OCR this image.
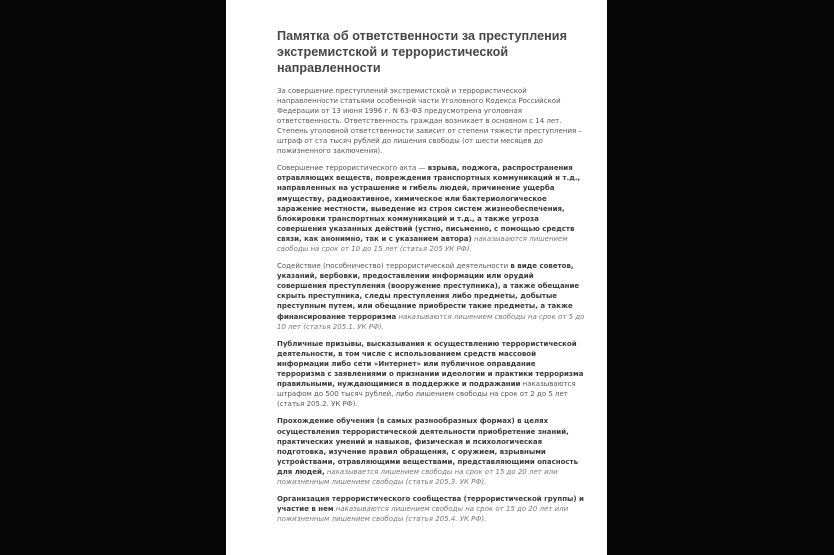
Памятка об ответственности за преступления экстремистской и террористической направленности

За совершение преступлений экстремистской и террористической направленности статьями особенной части Уголовного Кодекса Российской Федерации от 13 июня 1996 г. N 63-ФЗ предусмотрена уголовная ответственность. Ответственность граждан возникает в основном с 14 лет. Степень уголовной ответственности зависит от степени тяжести преступления – штраф от ста тысяч рублей до лишения свободы (от шести месяцев до пожизненного заключения).

Совершение террористического акта — взрыва, поджога, распространения отравляющих веществ, повреждения транспортных коммуникаций и т.д., направленных на устрашение и гибель людей, причинение ущерба имуществу, радиоактивное, химическое или бактериологическое заражение местности, выведение из строя систем жизнеобеспечения, блокировки транспортных коммуникаций и т.д., а также угроза совершения указанных действий (устно, письменно, с помощью средств связи, как анонимно, так и с указанием автора) наказываются лишением свободы на срок от 10 до 15 лет (статья 205 УК РФ).

Содействие (пособничество) террористической деятельности в виде советов, указаний, вербовки, предоставлении информации или орудий совершения преступления (вооружение преступника), а также обещание скрыть преступника, следы преступления либо предметы, добытые преступным путем, или обещание приобрести такие предметы, а также финансирование терроризма наказываются лишением свободы на срок от 5 до 10 лет (статья 205.1. УК РФ).

Публичные призывы, высказывания к осуществлению террористической деятельности, в том числе с использованием средств массовой информации либо сети «Интернет» или публичное оправдание терроризма с заявлениями о признании идеологии и практики терроризма правильными, нуждающимися в поддержке и подражании наказываются штрафом до 500 тысяч рублей, либо лишением свободы на срок от 2 до 5 лет (статья 205.2. УК РФ).

Прохождение обучения (в самых разнообразных формах) в целях осуществления террористической деятельности приобретение знаний, практических умений и навыков, физическая и психологическая подготовка, изучение правил обращения, с оружием, взрывными устройствами, отравляющими веществами, представляющими опасность для людей, наказывается лишением свободы на срок от 15 до 20 лет или пожизненным лишением свободы (статья 205.3. УК РФ).

Организация террористического сообщества (террористической группы) и участие в нем наказываются лишением свободы на срок от 15 до 20 лет или пожизненным лишением свободы (статья 205.4. УК РФ).
